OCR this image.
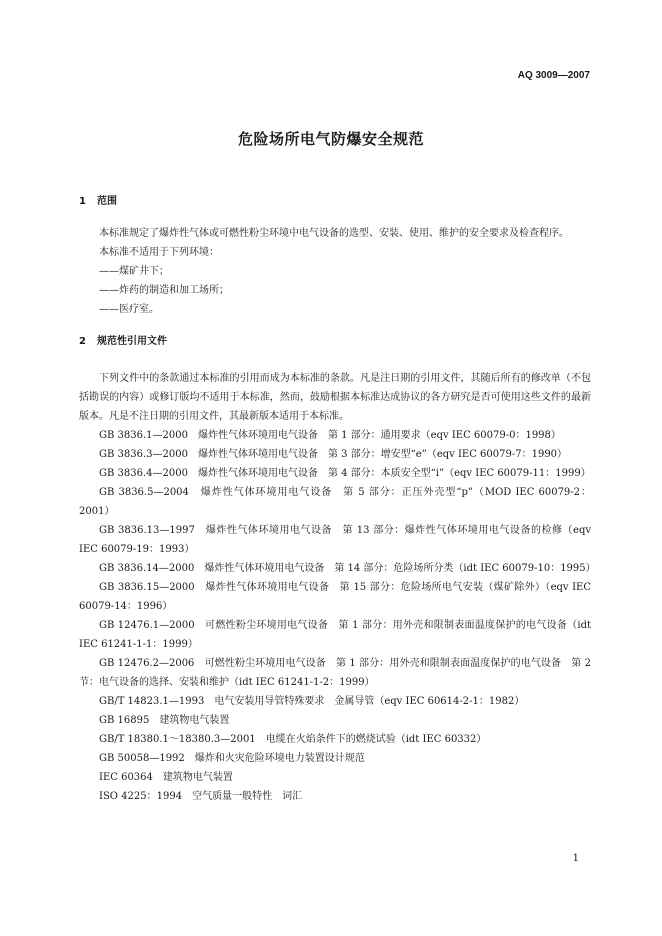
AQ 3009—2007
危险场所电气防爆安全规范
1 范围
本标准规定了爆炸性气体或可燃性粉尘环境中电气设备的选型、安装、使用、维护的安全要求及检查程序。
本标准不适用于下列环境：
——煤矿井下；
——炸药的制造和加工场所；
——医疗室。
2 规范性引用文件
下列文件中的条款通过本标准的引用而成为本标准的条款。凡是注日期的引用文件，其随后所有的修改单（不包括勘误的内容）或修订版均不适用于本标准，然而，鼓励根据本标准达成协议的各方研究是否可使用这些文件的最新版本。凡是不注日期的引用文件，其最新版本适用于本标准。
GB 3836.1—2000　爆炸性气体环境用电气设备　第 1 部分：通用要求（eqv IEC 60079-0：1998）
GB 3836.3—2000　爆炸性气体环境用电气设备　第 3 部分：增安型“e”（eqv IEC 60079-7：1990）
GB 3836.4—2000　爆炸性气体环境用电气设备　第 4 部分：本质安全型“i”（eqv IEC 60079-11：1999）
GB 3836.5—2004　爆炸性气体环境用电气设备　第 5 部分：正压外壳型“p”（MOD IEC 60079-2：2001）
GB 3836.13—1997　爆炸性气体环境用电气设备　第 13 部分：爆炸性气体环境用电气设备的检修（eqv IEC 60079-19：1993）
GB 3836.14—2000　爆炸性气体环境用电气设备　第 14 部分：危险场所分类（idt IEC 60079-10：1995）
GB 3836.15—2000　爆炸性气体环境用电气设备　第 15 部分：危险场所电气安装（煤矿除外）（eqv IEC 60079-14：1996）
GB 12476.1—2000　可燃性粉尘环境用电气设备　第 1 部分：用外壳和限制表面温度保护的电气设备（idt IEC 61241-1-1：1999）
GB 12476.2—2006　可燃性粉尘环境用电气设备　第 1 部分：用外壳和限制表面温度保护的电气设备　第 2 节：电气设备的选择、安装和维护（idt IEC 61241-1-2：1999）
GB/T 14823.1—1993　电气安装用导管特殊要求　金属导管（eqv IEC 60614-2-1：1982）
GB 16895　建筑物电气装置
GB/T 18380.1～18380.3—2001　电缆在火焰条件下的燃烧试验（idt IEC 60332）
GB 50058—1992　爆炸和火灾危险环境电力装置设计规范
IEC 60364　建筑物电气装置
ISO 4225：1994　空气质量一般特性　词汇
1
